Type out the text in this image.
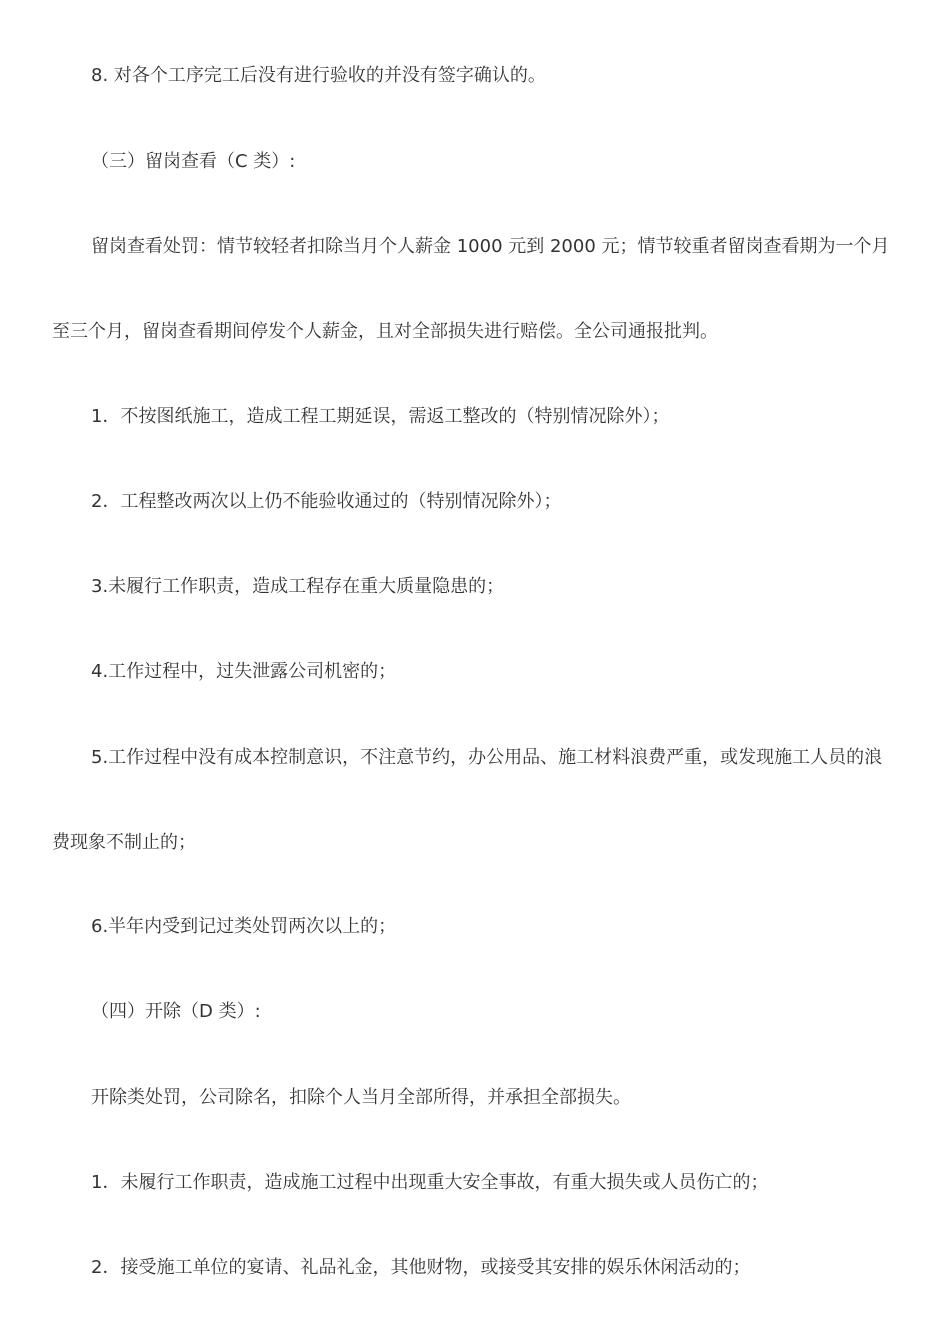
8. 对各个工序完工后没有进行验收的并没有签字确认的。

（三）留岗查看（C 类）:

留岗查看处罚：情节较轻者扣除当月个人薪金 1000 元到 2000 元；情节较重者留岗查看期为一个月至三个月，留岗查看期间停发个人薪金，且对全部损失进行赔偿。全公司通报批判。

1．不按图纸施工，造成工程工期延误，需返工整改的（特别情况除外）；

2．工程整改两次以上仍不能验收通过的（特别情况除外）；

3.未履行工作职责，造成工程存在重大质量隐患的；

4.工作过程中，过失泄露公司机密的；

5.工作过程中没有成本控制意识，不注意节约，办公用品、施工材料浪费严重，或发现施工人员的浪费现象不制止的；

6.半年内受到记过类处罚两次以上的；

（四）开除（D 类）:

开除类处罚，公司除名，扣除个人当月全部所得，并承担全部损失。

1．未履行工作职责，造成施工过程中出现重大安全事故，有重大损失或人员伤亡的；

2．接受施工单位的宴请、礼品礼金，其他财物，或接受其安排的娱乐休闲活动的；
